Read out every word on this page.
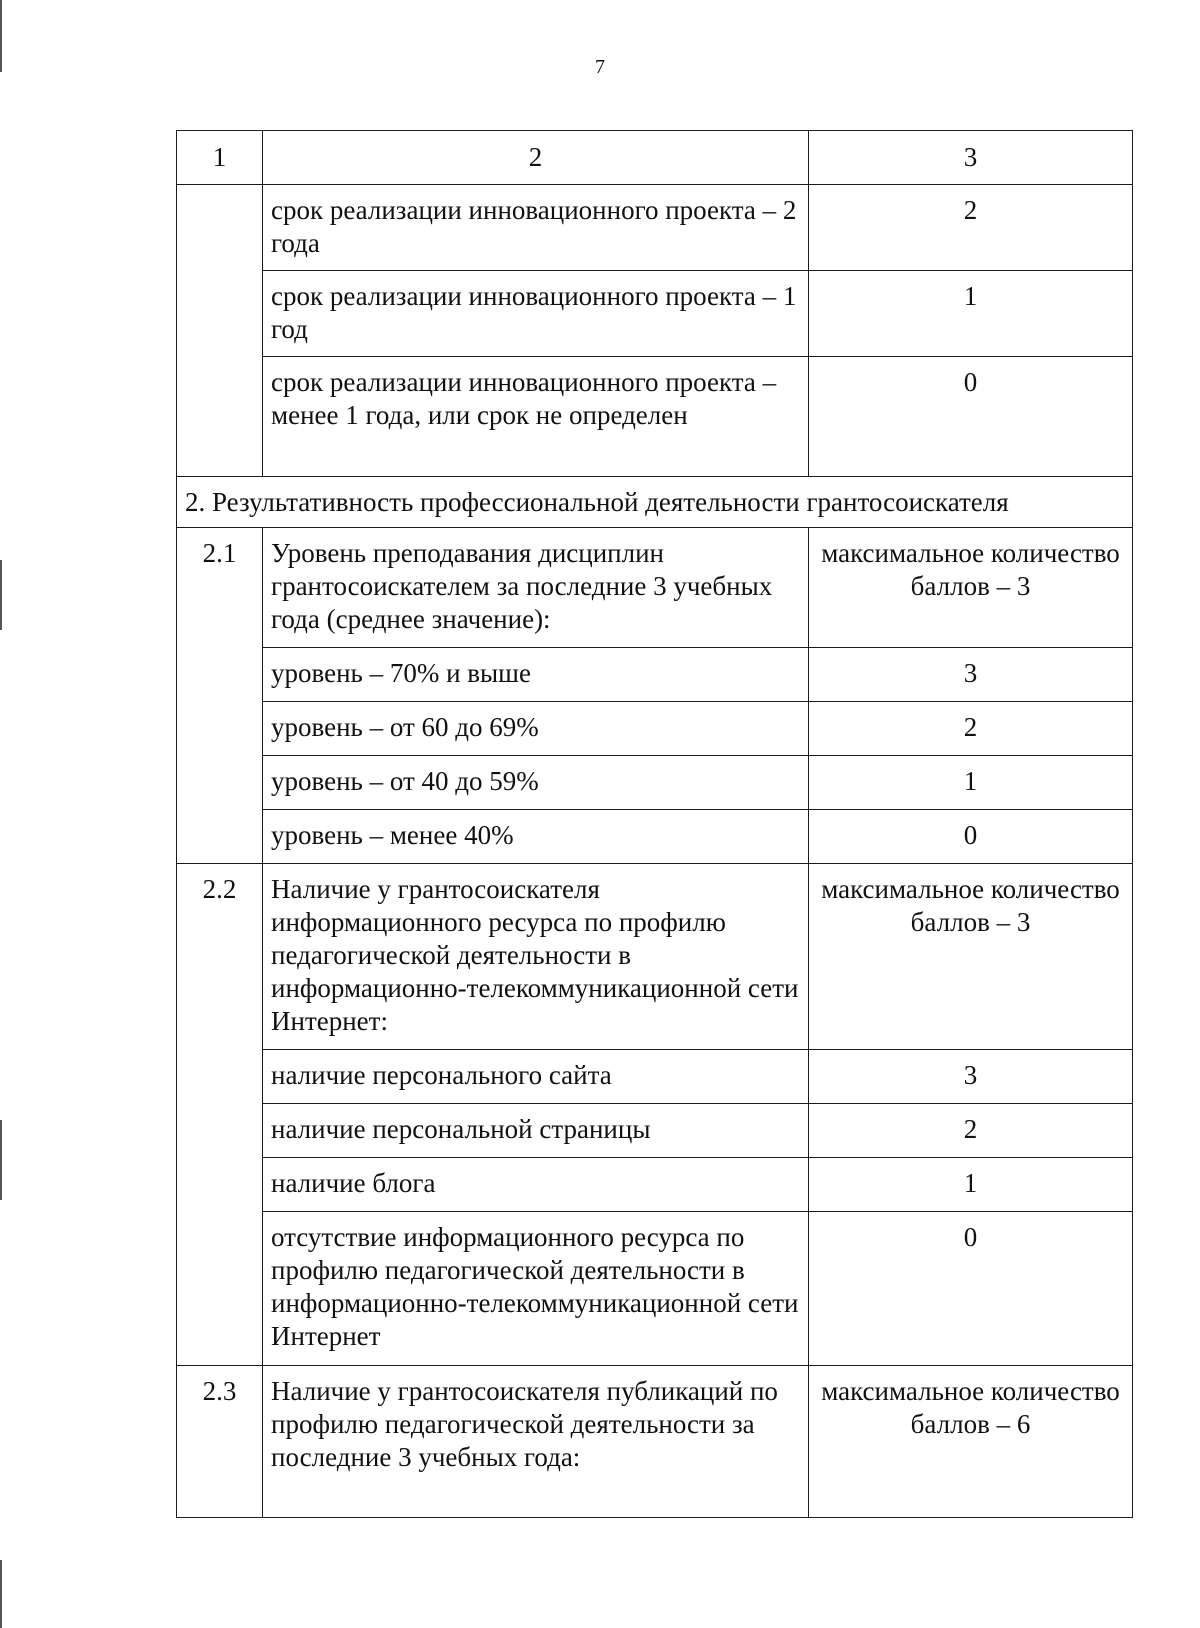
7
1	2	3
	срок реализации инновационного проекта – 2 года	2
	срок реализации инновационного проекта – 1 год	1
	срок реализации инновационного проекта – менее 1 года, или срок не определен	0
2. Результативность профессиональной деятельности грантосоискателя		
2.1	Уровень преподавания дисциплин грантосоискателем за последние 3 учебных года (среднее значение):	максимальное количество баллов – 3
	уровень – 70% и выше	3
	уровень – от 60 до 69%	2
	уровень – от 40 до 59%	1
	уровень – менее 40%	0
2.2	Наличие у грантосоискателя информационного ресурса по профилю педагогической деятельности в информационно-телекоммуникационной сети Интернет:	максимальное количество баллов – 3
	наличие персонального сайта	3
	наличие персональной страницы	2
	наличие блога	1
	отсутствие информационного ресурса по профилю педагогической деятельности в информационно-телекоммуникационной сети Интернет	0
2.3	Наличие у грантосоискателя публикаций по профилю педагогической деятельности за последние 3 учебных года:	максимальное количество баллов – 6
